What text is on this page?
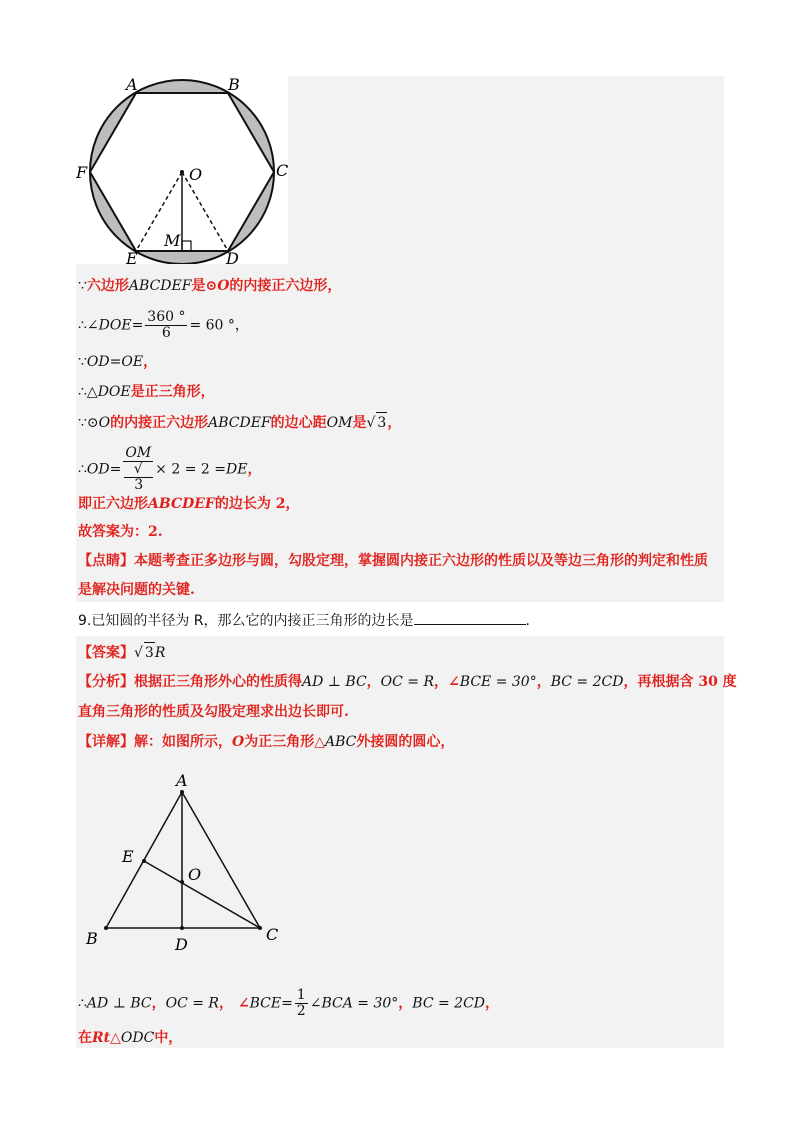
A	B
C
F	O
M
E	D
∵六边形ABCDEF是⊙O的内接正六边形，
∴∠DOE= $\frac{360 ^\circ}{6} = 60$ °，
∵OD=OE，
∴△DOE是正三角形，
∵⊙O的内接正六边形ABCDEF的边心距OM是√ 3，
∴OD= OM
√
3 × 2 = 2 =DE，
即正六边形ABCDEF的边长为 2，
故答案为：2.
【点睛】本题考查正多边形与圆，勾股定理，掌握圆内接正六边形的性质以及等边三角形的判定和性质
是解决问题的关键.
9.已知圆的半径为 R，那么它的内接正三角形的边长是	.
【答案】√ 3R
【分析】根据正三角形外心的性质得AD ⊥ BC，OC = R，∠BCE = 30°，BC = 2CD，再根据含 30 度
直角三角形的性质及勾股定理求出边长即可.
【详解】解：如图所示，O为正三角形△ABC外接圆的圆心，
A
E
O
B	D
C
∴AD ⊥ BC，OC = R， ∠BCE= $\frac{1}{2}$ ∠BCA = 30°，BC = 2CD，
在Rt△ODC中，
